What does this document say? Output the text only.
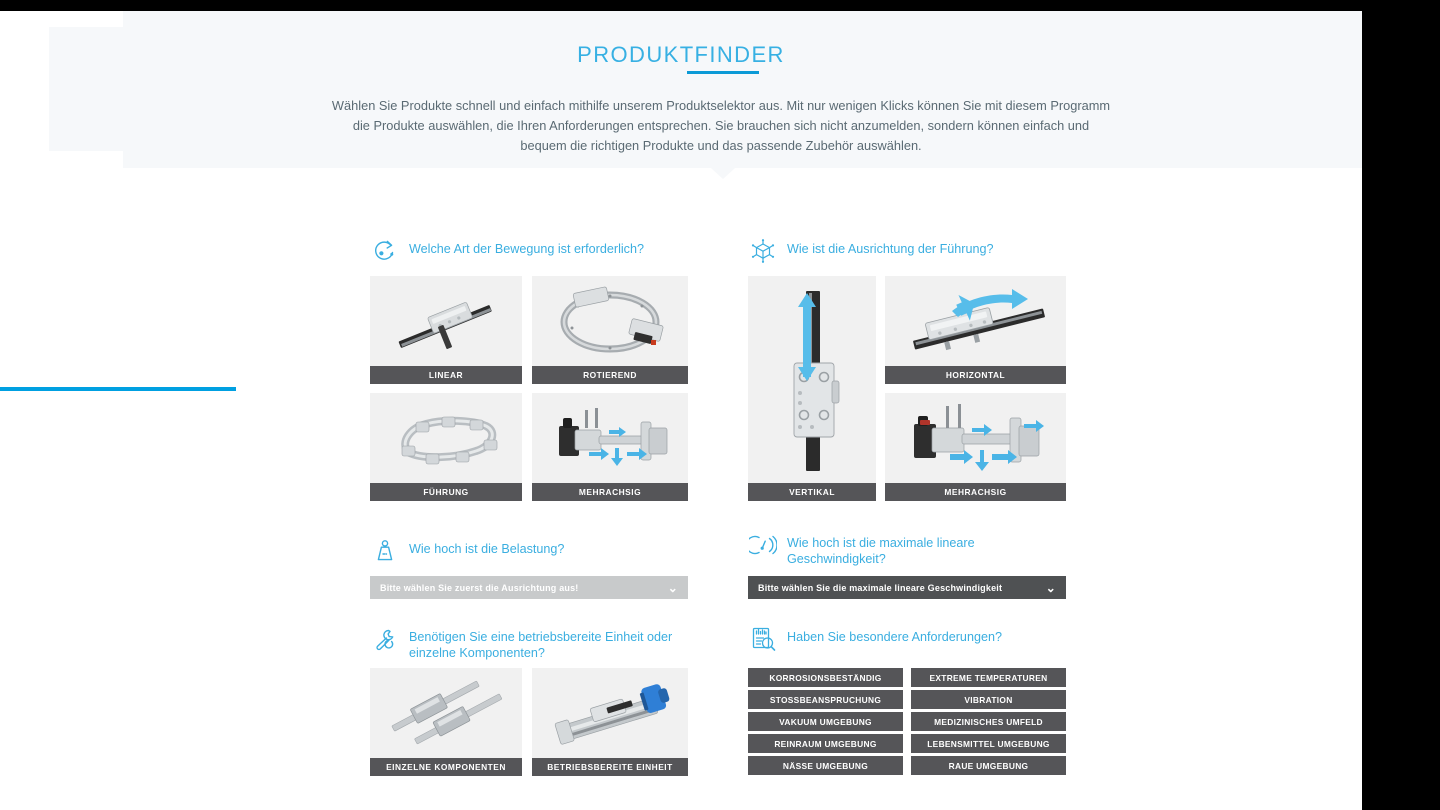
PRODUKTFINDER
Wählen Sie Produkte schnell und einfach mithilfe unserem Produktselektor aus. Mit nur wenigen Klicks können Sie mit diesem Programm die Produkte auswählen, die Ihren Anforderungen entsprechen. Sie brauchen sich nicht anzumelden, sondern können einfach und bequem die richtigen Produkte und das passende Zubehör auswählen.
Welche Art der Bewegung ist erforderlich?
LINEAR	ROTIEREND
FÜHRUNG	MEHRACHSIG
Wie hoch ist die Belastung?
Bitte wählen Sie zuerst die Ausrichtung aus!	⌄
Benötigen Sie eine betriebsbereite Einheit oder einzelne Komponenten?
EINZELNE KOMPONENTEN	BETRIEBSBEREITE EINHEIT
Wie ist die Ausrichtung der Führung?
VERTIKAL
HORIZONTAL
MEHRACHSIG
Wie hoch ist die maximale lineare Geschwindigkeit?
Bitte wählen Sie die maximale lineare Geschwindigkeit	⌄
Haben Sie besondere Anforderungen?
KORROSIONSBESTÄNDIG	EXTREME TEMPERATUREN
STOSSBEANSPRUCHUNG	VIBRATION
VAKUUM UMGEBUNG	MEDIZINISCHES UMFELD
REINRAUM UMGEBUNG	LEBENSMITTEL UMGEBUNG
NÄSSE UMGEBUNG	RAUE UMGEBUNG
